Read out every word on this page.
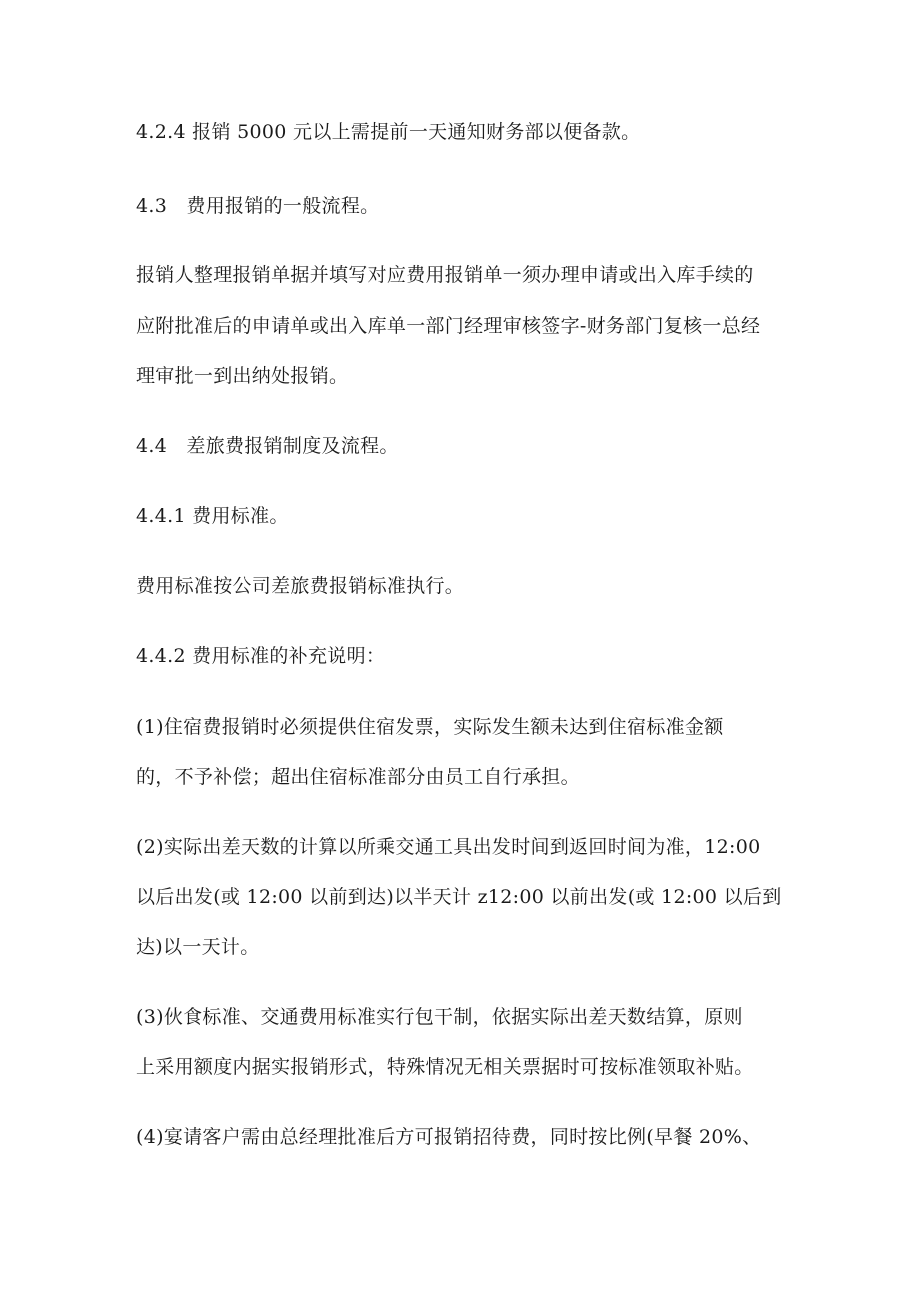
4.2.4 报销 5000 元以上需提前一天通知财务部以便备款。
4.3　费用报销的一般流程。
报销人整理报销单据并填写对应费用报销单一须办理申请或出入库手续的
应附批准后的申请单或出入库单一部门经理审核签字-财务部门复核一总经
理审批一到出纳处报销。
4.4　差旅费报销制度及流程。
4.4.1 费用标准。
费用标准按公司差旅费报销标准执行。
4.4.2 费用标准的补充说明：
(1)住宿费报销时必须提供住宿发票，实际发生额未达到住宿标准金额
的，不予补偿；超出住宿标准部分由员工自行承担。
(2)实际出差天数的计算以所乘交通工具出发时间到返回时间为准，12:00
以后出发(或 12:00 以前到达)以半天计 z12:00 以前出发(或 12:00 以后到
达)以一天计。
(3)伙食标准、交通费用标准实行包干制，依据实际出差天数结算，原则
上采用额度内据实报销形式，特殊情况无相关票据时可按标准领取补贴。
(4)宴请客户需由总经理批准后方可报销招待费，同时按比例(早餐 20%、
